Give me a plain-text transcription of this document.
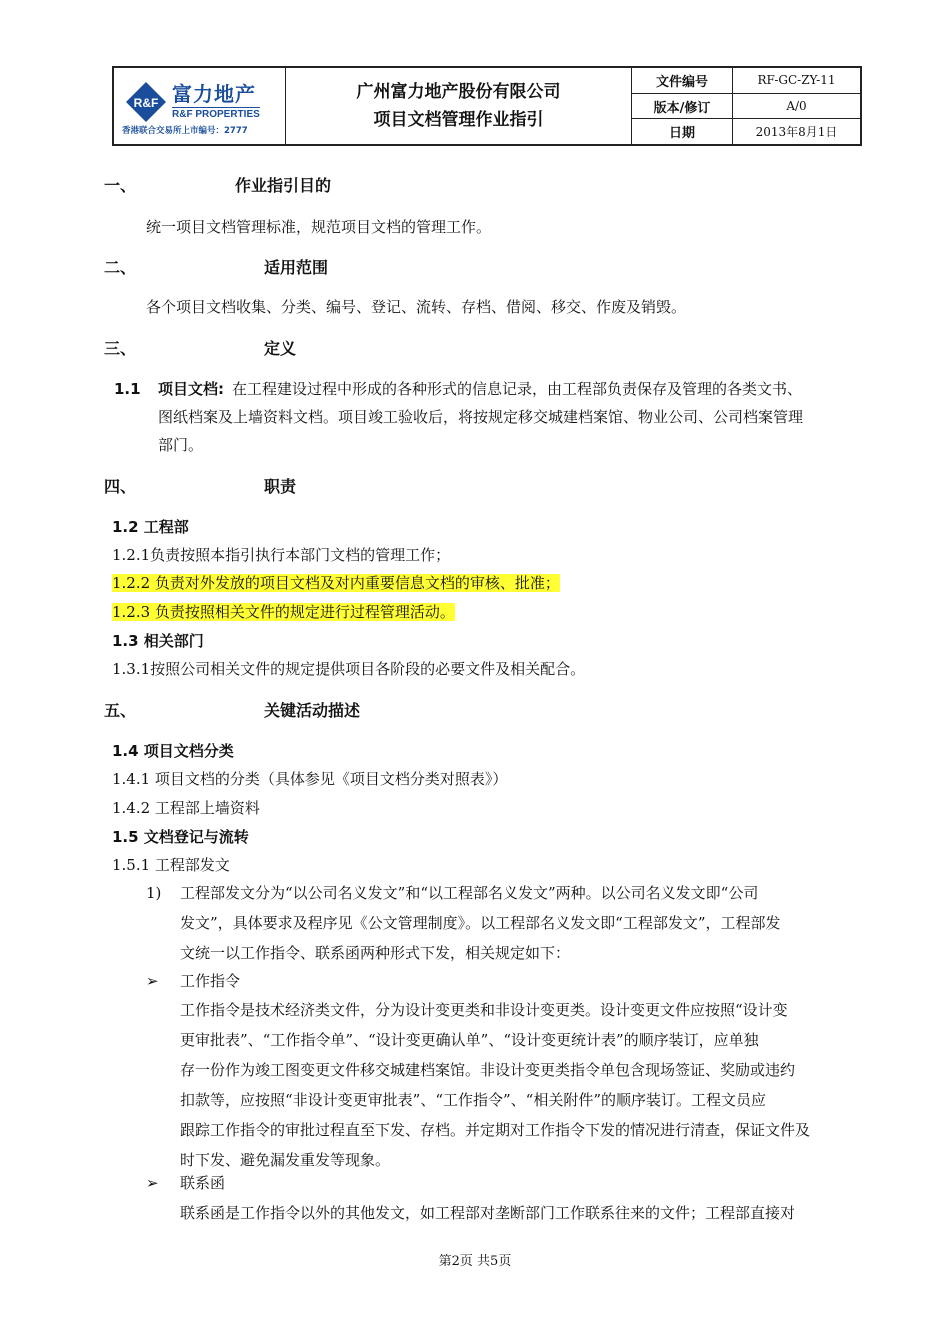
R&F 富力地产
R&F PROPERTIES
香港联合交易所上市编号：2777
广州富力地产股份有限公司
项目文档管理作业指引
文件编号	RF-GC-ZY-11
版本/修订	A/0
日期	2013年8月1日
一、	作业指引目的
统一项目文档管理标准，规范项目文档的管理工作。
二、	适用范围
各个项目文档收集、分类、编号、登记、流转、存档、借阅、移交、作废及销毁。
三、	定义
1.1 项目文档: 在工程建设过程中形成的各种形式的信息记录，由工程部负责保存及管理的各类文书、
图纸档案及上墙资料文档。项目竣工验收后，将按规定移交城建档案馆、物业公司、公司档案管理
部门。
四、	职责
1.2 工程部
1.2.1负责按照本指引执行本部门文档的管理工作；
1.2.2 负责对外发放的项目文档及对内重要信息文档的审核、批准；
1.2.3 负责按照相关文件的规定进行过程管理活动。
1.3 相关部门
1.3.1按照公司相关文件的规定提供项目各阶段的必要文件及相关配合。
五、	关键活动描述
1.4 项目文档分类
1.4.1 项目文档的分类（具体参见《项目文档分类对照表》）
1.4.2 工程部上墙资料
1.5 文档登记与流转
1.5.1 工程部发文
1) 工程部发文分为“以公司名义发文”和“以工程部名义发文”两种。以公司名义发文即“公司

发文”，具体要求及程序见《公文管理制度》。以工程部名义发文即“工程部发文”，工程部发

文统一以工作指令、联系函两种形式下发，相关规定如下：

➢ 工作指令

工作指令是技术经济类文件，分为设计变更类和非设计变更类。设计变更文件应按照“设计变

更审批表”、“工作指令单”、“设计变更确认单”、“设计变更统计表”的顺序装订，应单独

存一份作为竣工图变更文件移交城建档案馆。非设计变更类指令单包含现场签证、奖励或违约

扣款等，应按照“非设计变更审批表”、“工作指令”、“相关附件”的顺序装订。工程文员应

跟踪工作指令的审批过程直至下发、存档。并定期对工作指令下发的情况进行清查，保证文件及

时下发、避免漏发重发等现象。

➢ 联系函

联系函是工作指令以外的其他发文，如工程部对垄断部门工作联系往来的文件；工程部直接对

第2页 共5页
